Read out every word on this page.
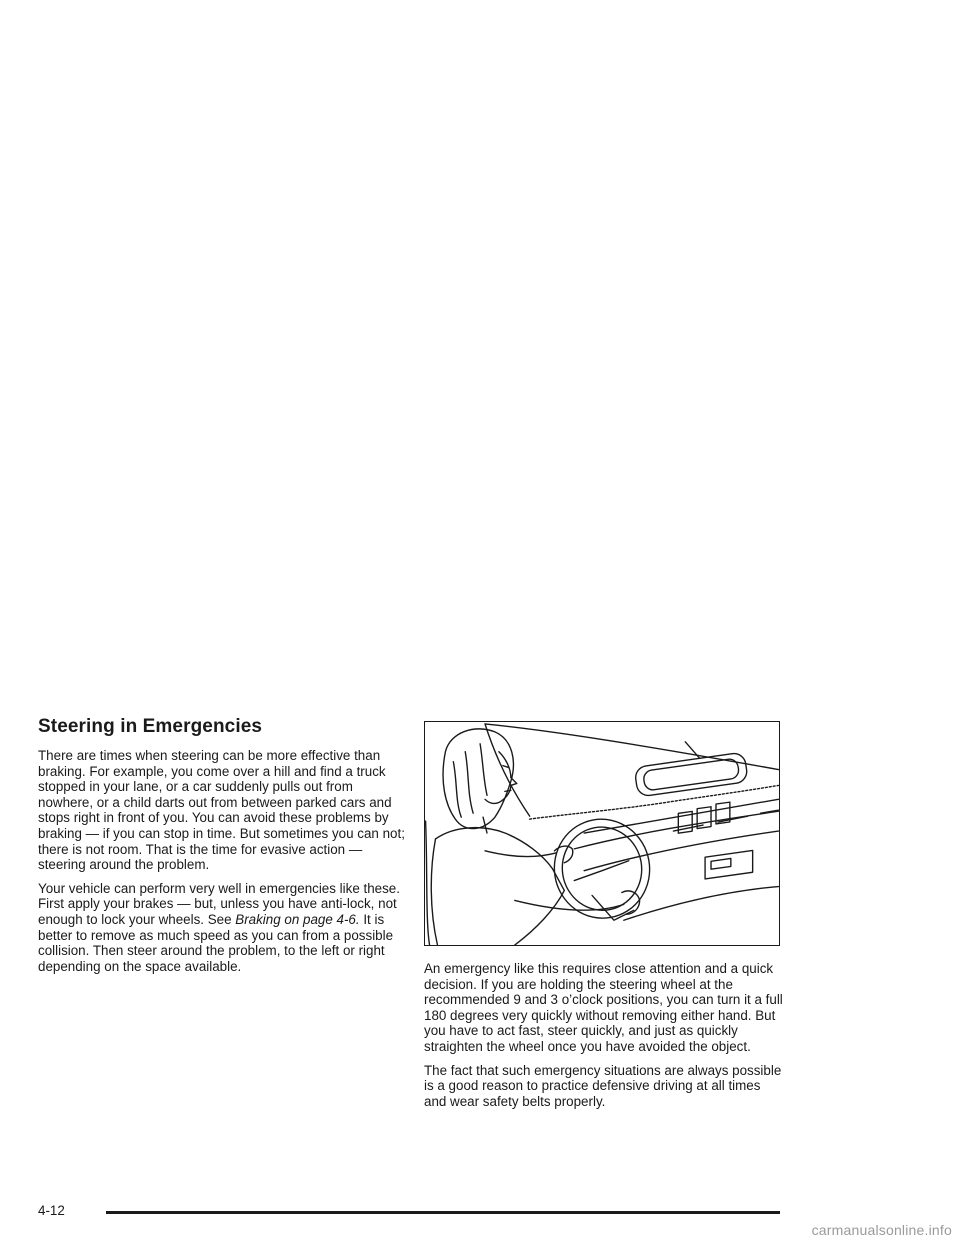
Steering in Emergencies

There are times when steering can be more effective than braking. For example, you come over a hill and find a truck stopped in your lane, or a car suddenly pulls out from nowhere, or a child darts out from between parked cars and stops right in front of you. You can avoid these problems by braking — if you can stop in time. But sometimes you can not; there is not room. That is the time for evasive action — steering around the problem.

Your vehicle can perform very well in emergencies like these. First apply your brakes — but, unless you have anti-lock, not enough to lock your wheels. See Braking on page 4-6. It is better to remove as much speed as you can from a possible collision. Then steer around the problem, to the left or right depending on the space available.	An emergency like this requires close attention and a quick decision. If you are holding the steering wheel at the recommended 9 and 3 o’clock positions, you can turn it a full 180 degrees very quickly without removing either hand. But you have to act fast, steer quickly, and just as quickly straighten the wheel once you have avoided the object.

The fact that such emergency situations are always possible is a good reason to practice defensive driving at all times and wear safety belts properly.

4-12
carmanualsonline.info
